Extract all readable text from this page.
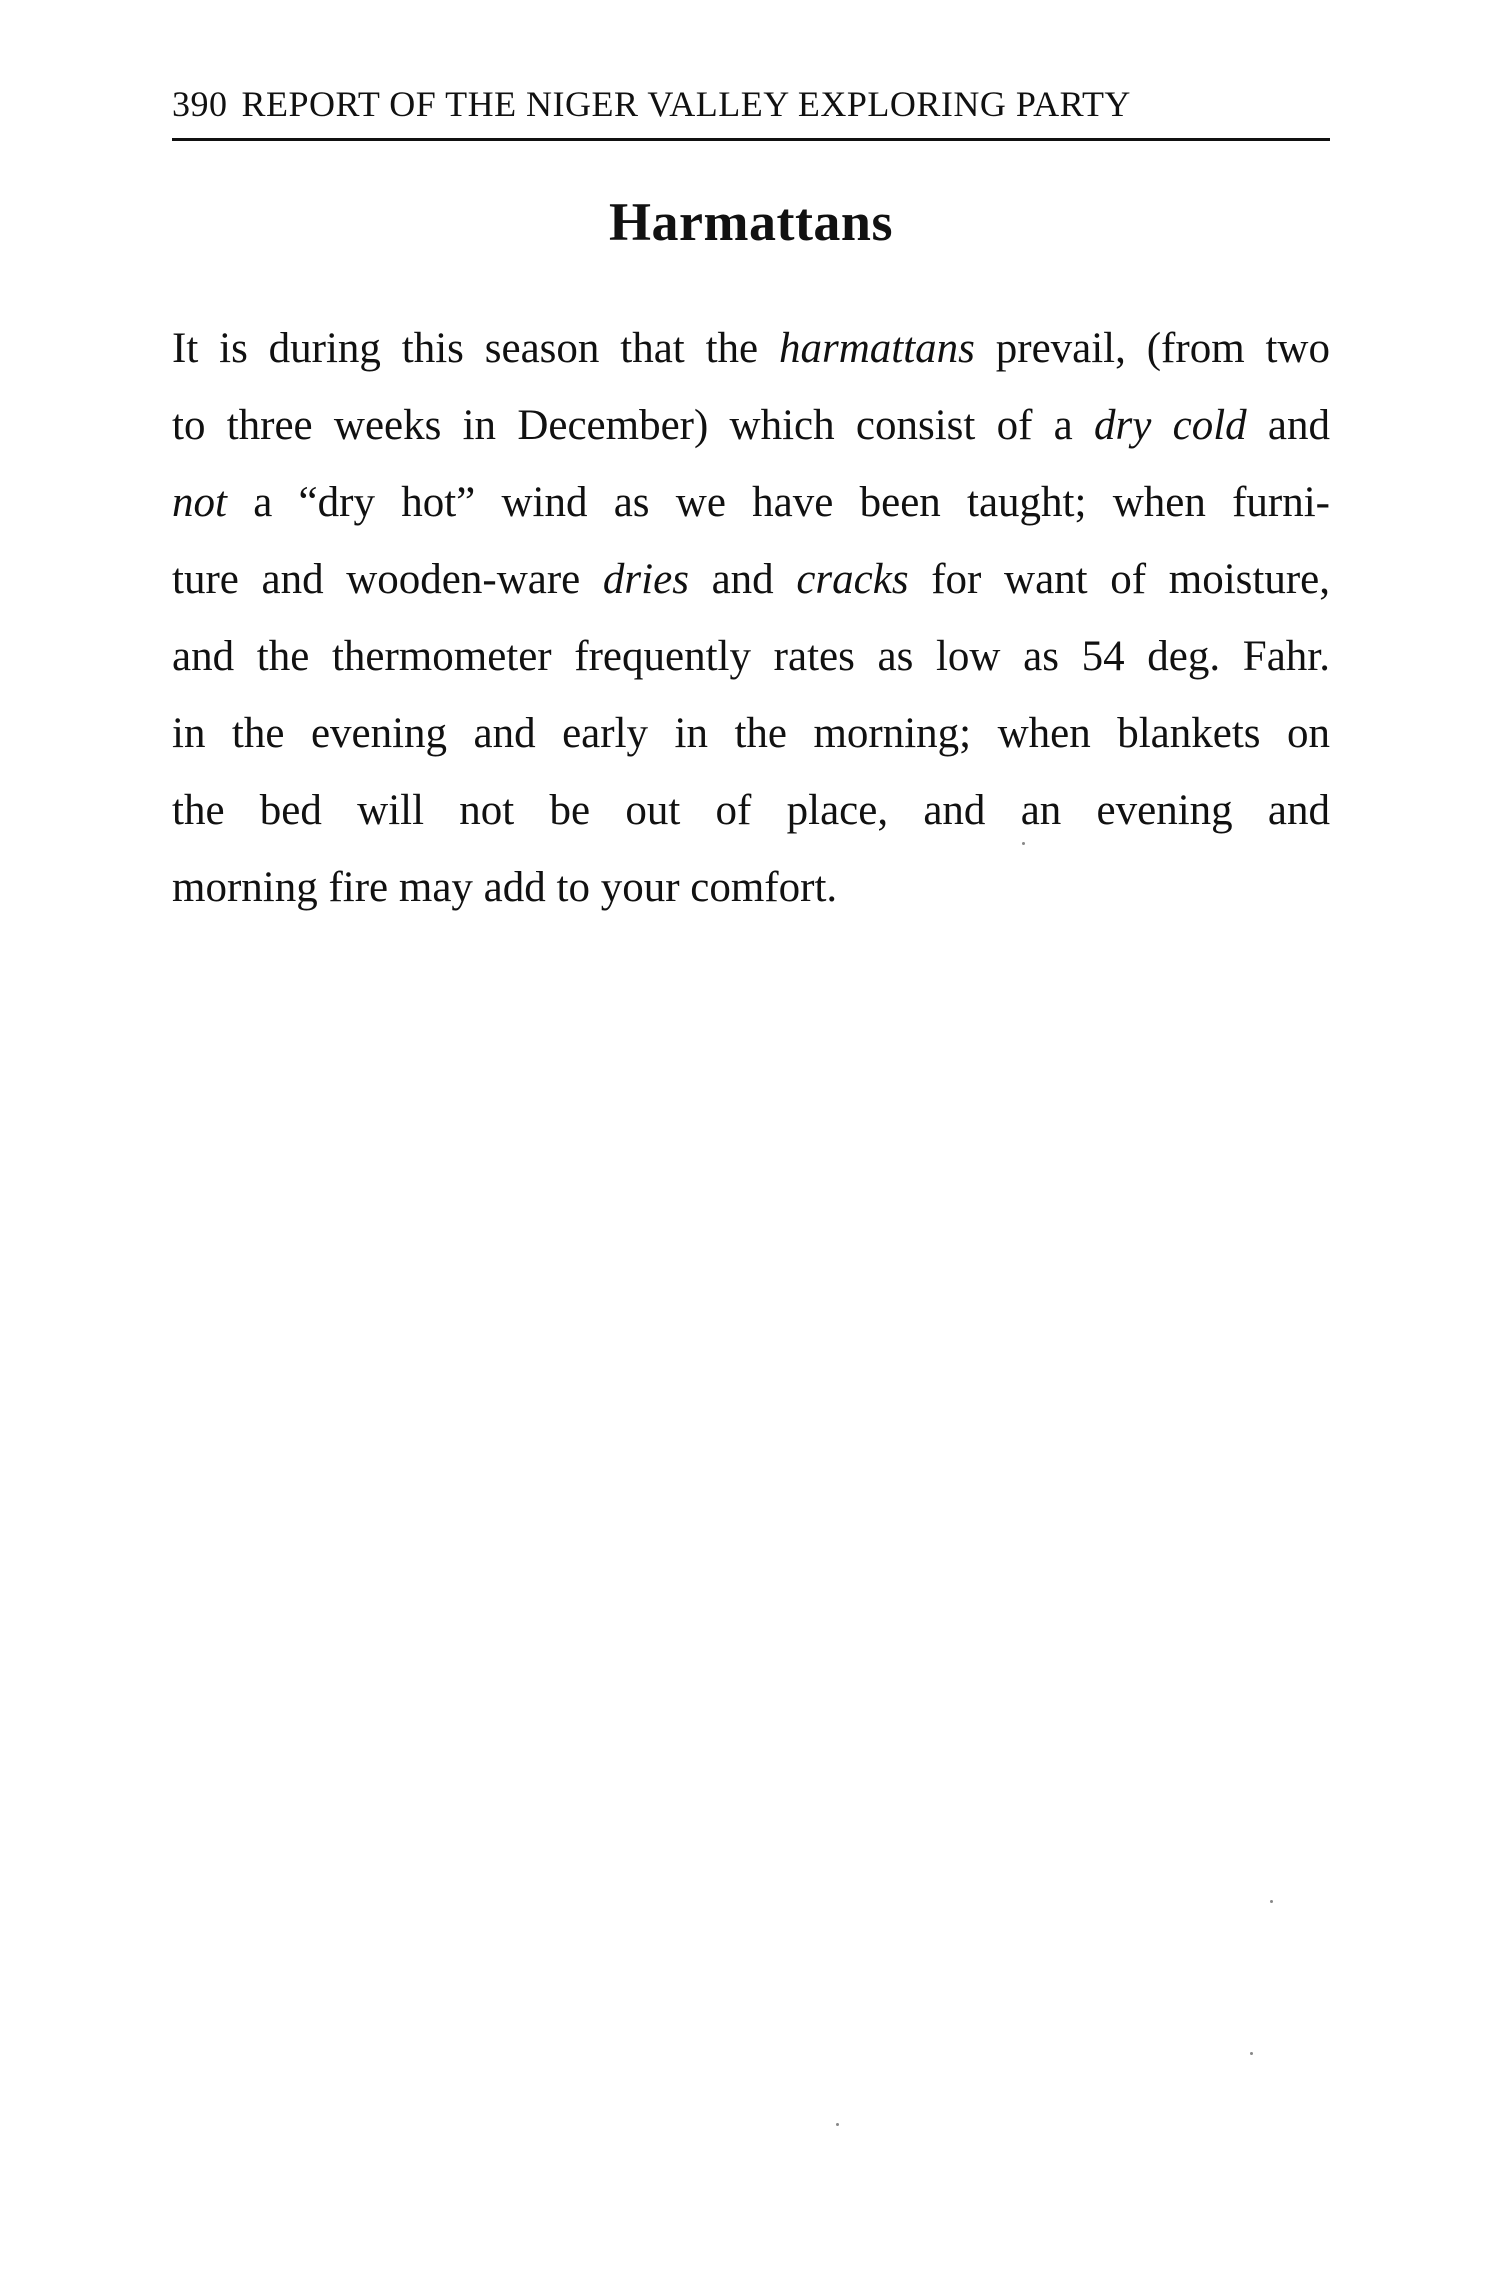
390 REPORT OF THE NIGER VALLEY EXPLORING PARTY
Harmattans

It is during this season that the harmattans prevail, (from two
to three weeks in December) which consist of a dry cold and
not a “dry hot” wind as we have been taught; when furni-
ture and wooden-ware dries and cracks for want of moisture,
and the thermometer frequently rates as low as 54 deg. Fahr.
in the evening and early in the morning; when blankets on
the bed will not be out of place, and an evening and
morning fire may add to your comfort.
